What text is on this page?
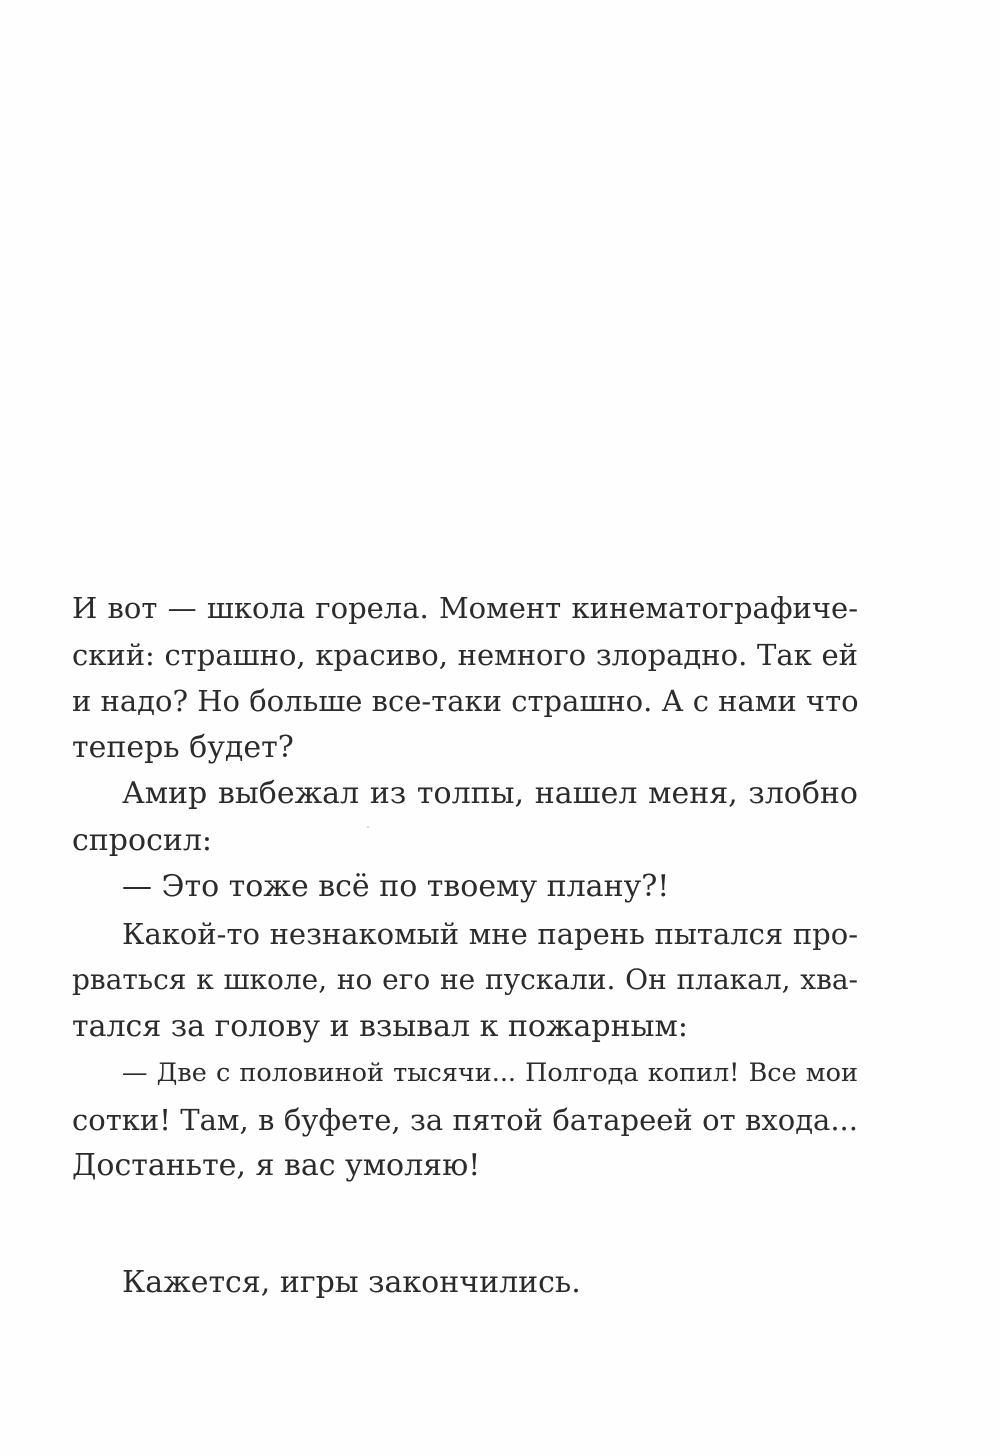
И вот — школа горела. Момент кинематографиче-
ский: страшно, красиво, немного злорадно. Так ей
и надо? Но больше все-таки страшно. А с нами что
теперь будет?
Амир выбежал из толпы, нашел меня, злобно
спросил:
— Это тоже всё по твоему плану?!
Какой-то незнакомый мне парень пытался про-
рваться к школе, но его не пускали. Он плакал, хва-
тался за голову и взывал к пожарным:
— Две с половиной тысячи... Полгода копил! Все мои
сотки! Там, в буфете, за пятой батареей от входа...
Достаньте, я вас умоляю!
Кажется, игры закончились.
